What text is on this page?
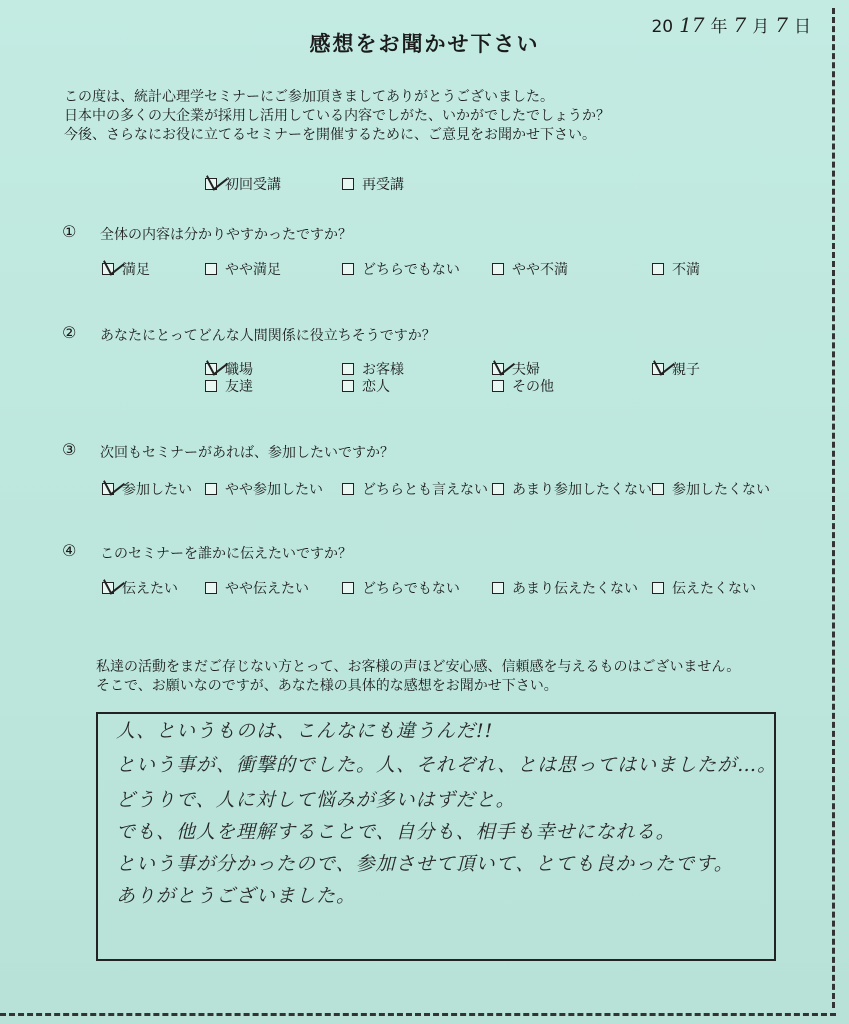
20 17 年 7 月 7 日
感想をお聞かせ下さい
この度は、統計心理学セミナーにご参加頂きましてありがとうございました。
日本中の多くの大企業が採用し活用している内容でしがた、いかがでしたでしょうか？
今後、さらなにお役に立てるセミナーを開催するために、ご意見をお聞かせ下さい。
初回受講	再受講
① 全体の内容は分かりやすかったですか？
満足	やや満足	どちらでもない	やや不満	不満
② あなたにとってどんな人間関係に役立ちそうですか？
職場	お客様	夫婦	親子
友達	恋人	その他
③ 次回もセミナーがあれば、参加したいですか？
参加したい やや参加したい	どちらとも言えない あまり参加したくない 参加したくない
④ このセミナーを誰かに伝えたいですか？
伝えたい	やや伝えたい	どちらでもない	あまり伝えたくない 伝えたくない
私達の活動をまだご存じない方とって、お客様の声ほど安心感、信頼感を与えるものはございません。
そこで、お願いなのですが、あなた様の具体的な感想をお聞かせ下さい。
人、というものは、こんなにも違うんだ!!
という事が、衝撃的でした。人、それぞれ、とは思ってはいましたが…。
どうりで、人に対して悩みが多いはずだと。
でも、他人を理解することで、自分も、相手も幸せになれる。
という事が分かったので、参加させて頂いて、とても良かったです。
ありがとうございました。
